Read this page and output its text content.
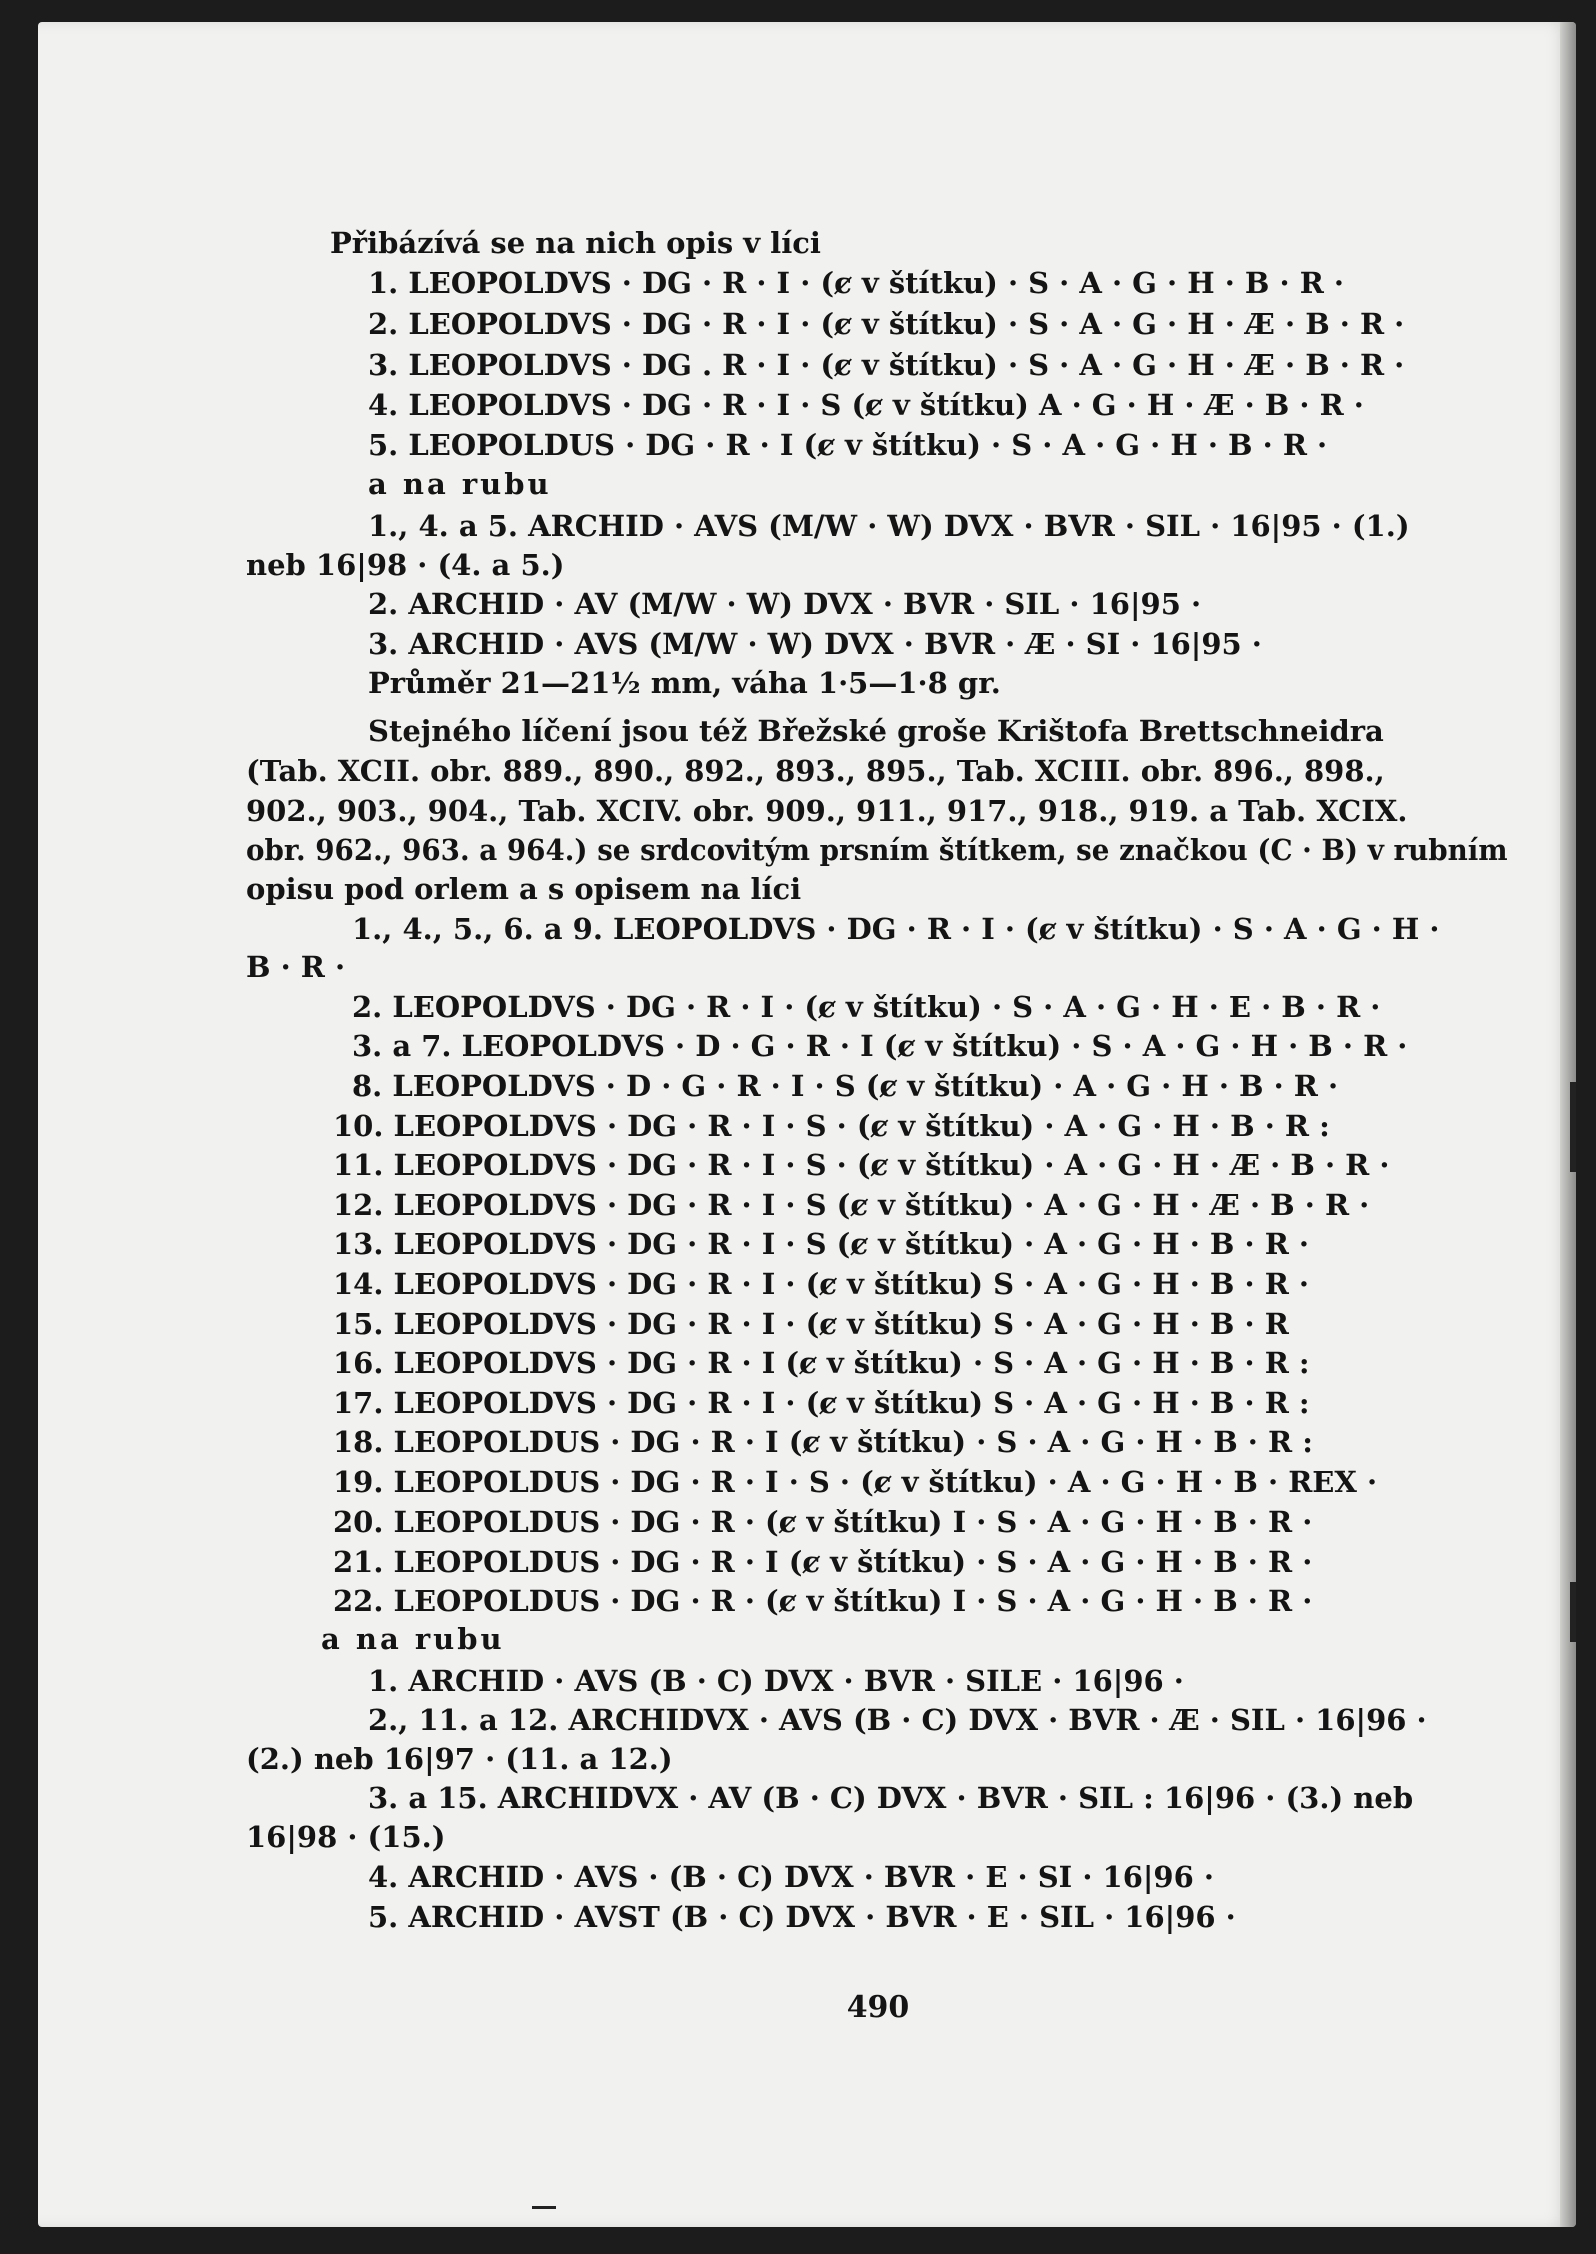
Přibázívá se na nich opis v líci
1. LEOPOLDVS · DG · R · I · (ȼ v štítku) · S · A · G · H · B · R ·
2. LEOPOLDVS · DG · R · I · (ȼ v štítku) · S · A · G · H · Æ · B · R ·
3. LEOPOLDVS · DG . R · I · (ȼ v štítku) · S · A · G · H · Æ · B · R ·
4. LEOPOLDVS · DG · R · I · S (ȼ v štítku) A · G · H · Æ · B · R ·
5. LEOPOLDUS · DG · R · I (ȼ v štítku) · S · A · G · H · B · R ·
a na rubu
1., 4. a 5. ARCHID · AVS (M/W · W) DVX · BVR · SIL · 16|95 · (1.)
neb 16|98 · (4. a 5.)
2. ARCHID · AV (M/W · W) DVX · BVR · SIL · 16|95 ·
3. ARCHID · AVS (M/W · W) DVX · BVR · Æ · SI · 16|95 ·
Průměr 21—21½ mm, váha 1·5—1·8 gr.
Stejného líčení jsou též Břežské groše Krištofa Brettschneidra
(Tab. XCII. obr. 889., 890., 892., 893., 895., Tab. XCIII. obr. 896., 898.,
902., 903., 904., Tab. XCIV. obr. 909., 911., 917., 918., 919. a Tab. XCIX.
obr. 962., 963. a 964.) se srdcovitým prsním štítkem, se značkou (C · B) v rubním
opisu pod orlem a s opisem na líci
1., 4., 5., 6. a 9. LEOPOLDVS · DG · R · I · (ȼ v štítku) · S · A · G · H ·
B · R ·
2. LEOPOLDVS · DG · R · I · (ȼ v štítku) · S · A · G · H · E · B · R ·
3. a 7. LEOPOLDVS · D · G · R · I (ȼ v štítku) · S · A · G · H · B · R ·
8. LEOPOLDVS · D · G · R · I · S (ȼ v štítku) · A · G · H · B · R ·
10. LEOPOLDVS · DG · R · I · S · (ȼ v štítku) · A · G · H · B · R :
11. LEOPOLDVS · DG · R · I · S · (ȼ v štítku) · A · G · H · Æ · B · R ·
12. LEOPOLDVS · DG · R · I · S (ȼ v štítku) · A · G · H · Æ · B · R ·
13. LEOPOLDVS · DG · R · I · S (ȼ v štítku) · A · G · H · B · R ·
14. LEOPOLDVS · DG · R · I · (ȼ v štítku) S · A · G · H · B · R ·
15. LEOPOLDVS · DG · R · I · (ȼ v štítku) S · A · G · H · B · R
16. LEOPOLDVS · DG · R · I (ȼ v štítku) · S · A · G · H · B · R :
17. LEOPOLDVS · DG · R · I · (ȼ v štítku) S · A · G · H · B · R :
18. LEOPOLDUS · DG · R · I (ȼ v štítku) · S · A · G · H · B · R :
19. LEOPOLDUS · DG · R · I · S · (ȼ v štítku) · A · G · H · B · REX ·
20. LEOPOLDUS · DG · R · (ȼ v štítku) I · S · A · G · H · B · R ·
21. LEOPOLDUS · DG · R · I (ȼ v štítku) · S · A · G · H · B · R ·
22. LEOPOLDUS · DG · R · (ȼ v štítku) I · S · A · G · H · B · R ·
a na rubu
1. ARCHID · AVS (B · C) DVX · BVR · SILE · 16|96 ·
2., 11. a 12. ARCHIDVX · AVS (B · C) DVX · BVR · Æ · SIL · 16|96 ·
(2.) neb 16|97 · (11. a 12.)
3. a 15. ARCHIDVX · AV (B · C) DVX · BVR · SIL : 16|96 · (3.) neb
16|98 · (15.)
4. ARCHID · AVS · (B · C) DVX · BVR · E · SI · 16|96 ·
5. ARCHID · AVST (B · C) DVX · BVR · E · SIL · 16|96 ·
490
